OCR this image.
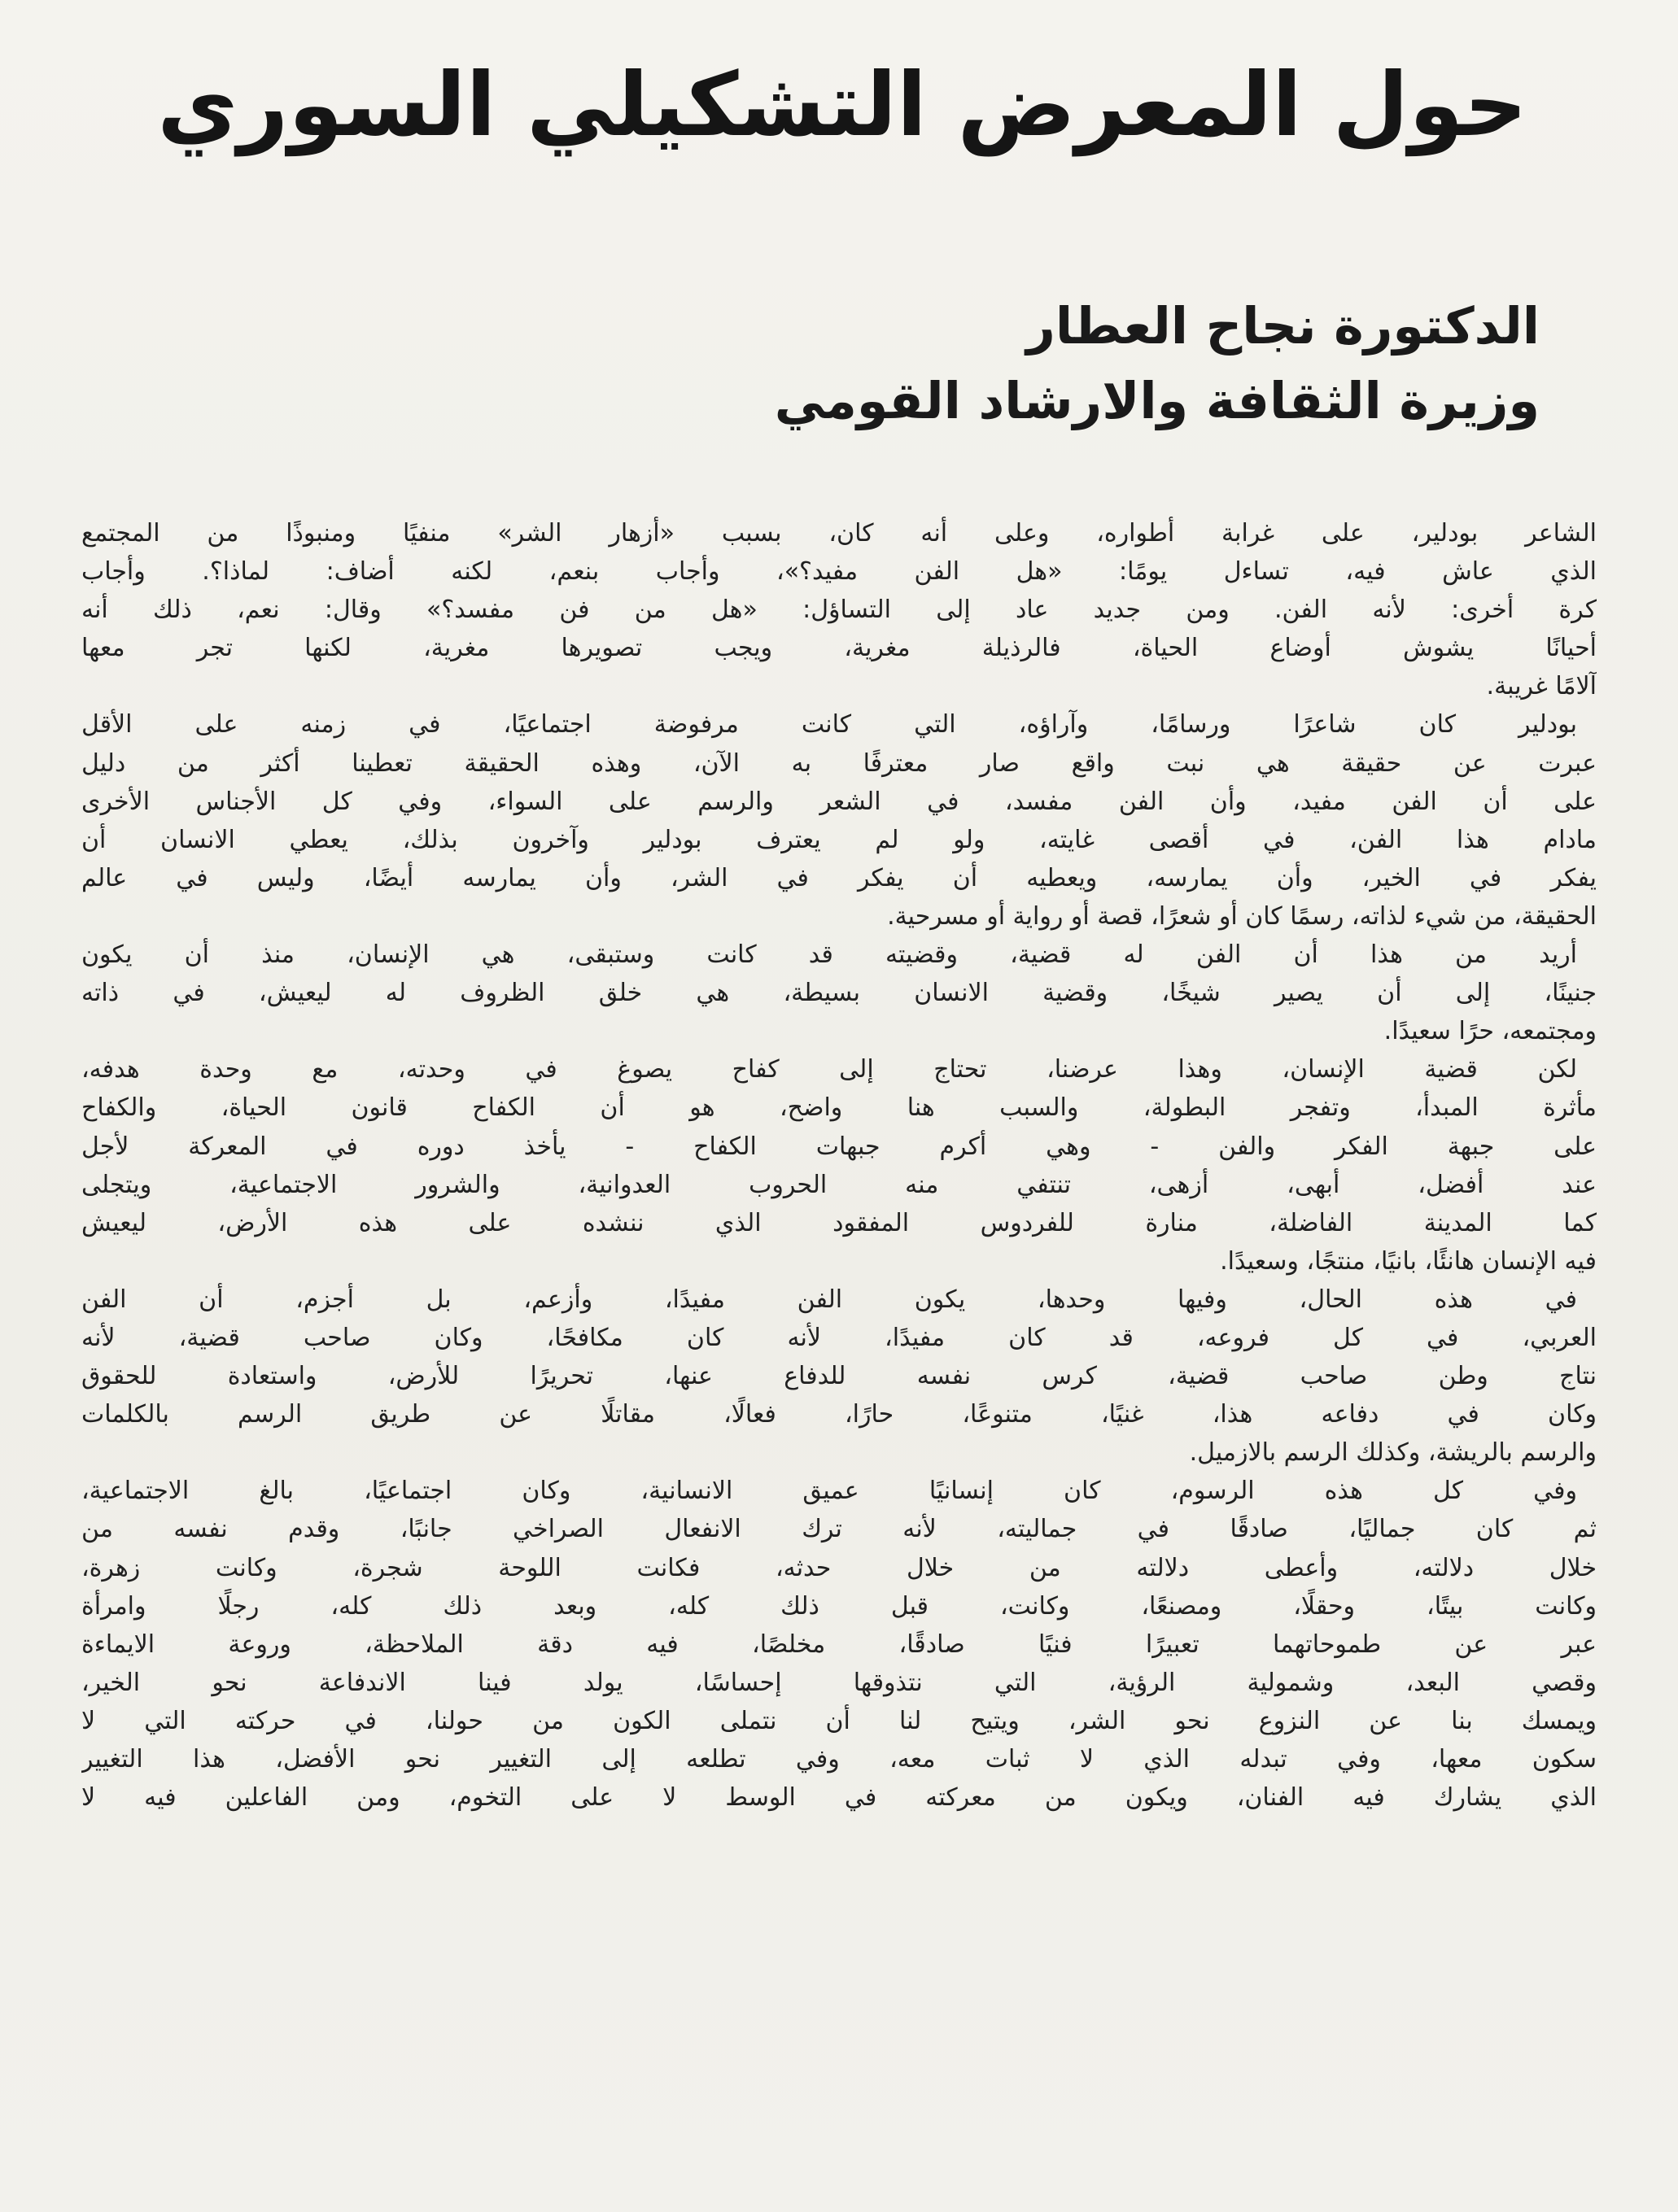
حول المعرض التشكيلي السوري
الدكتورة نجاح العطار
وزيرة الثقافة والارشاد القومي
الشاعر بودلير، على غرابة أطواره، وعلى أنه كان، بسبب «أزهار الشر» منفيًا ومنبوذًا من المجتمع
الذي عاش فيه، تساءل يومًا: «هل الفن مفيد؟»، وأجاب بنعم، لكنه أضاف: لماذا؟. وأجاب
كرة أخرى: لأنه الفن. ومن جديد عاد إلى التساؤل: «هل من فن مفسد؟» وقال: نعم، ذلك أنه
أحيانًا يشوش أوضاع الحياة، فالرذيلة مغرية، ويجب تصويرها مغرية، لكنها تجر معها
آلامًا غريبة.
بودلير كان شاعرًا ورسامًا، وآراؤه، التي كانت مرفوضة اجتماعيًا، في زمنه على الأقل
عبرت عن حقيقة هي نبت واقع صار معترفًا به الآن، وهذه الحقيقة تعطينا أكثر من دليل
على أن الفن مفيد، وأن الفن مفسد، في الشعر والرسم على السواء، وفي كل الأجناس الأخرى
مادام هذا الفن، في أقصى غايته، ولو لم يعترف بودلير وآخرون بذلك، يعطي الانسان أن
يفكر في الخير، وأن يمارسه، ويعطيه أن يفكر في الشر، وأن يمارسه أيضًا، وليس في عالم
الحقيقة، من شيء لذاته، رسمًا كان أو شعرًا، قصة أو رواية أو مسرحية.
أريد من هذا أن الفن له قضية، وقضيته قد كانت وستبقى، هي الإنسان، منذ أن يكون
جنينًا، إلى أن يصير شيخًا، وقضية الانسان بسيطة، هي خلق الظروف له ليعيش، في ذاته
ومجتمعه، حرًا سعيدًا.
لكن قضية الإنسان، وهذا عرضنا، تحتاج إلى كفاح يصوغ في وحدته، مع وحدة هدفه،
مأثرة المبدأ، وتفجر البطولة، والسبب هنا واضح، هو أن الكفاح قانون الحياة، والكفاح
على جبهة الفكر والفن - وهي أكرم جبهات الكفاح - يأخذ دوره في المعركة لأجل
عند أفضل، أبهى، أزهى، تنتفي منه الحروب العدوانية، والشرور الاجتماعية، ويتجلى
كما المدينة الفاضلة، منارة للفردوس المفقود الذي ننشده على هذه الأرض، ليعيش
فيه الإنسان هانئًا، بانيًا، منتجًا، وسعيدًا.
في هذه الحال، وفيها وحدها، يكون الفن مفيدًا، وأزعم، بل أجزم، أن الفن
العربي، في كل فروعه، قد كان مفيدًا، لأنه كان مكافحًا، وكان صاحب قضية، لأنه
نتاج وطن صاحب قضية، كرس نفسه للدفاع عنها، تحريرًا للأرض، واستعادة للحقوق
وكان في دفاعه هذا، غنيًا، متنوعًا، حارًا، فعالًا، مقاتلًا عن طريق الرسم بالكلمات
والرسم بالريشة، وكذلك الرسم بالازميل.
وفي كل هذه الرسوم، كان إنسانيًا عميق الانسانية، وكان اجتماعيًا، بالغ الاجتماعية،
ثم كان جماليًا، صادقًا في جماليته، لأنه ترك الانفعال الصراخي جانبًا، وقدم نفسه من
خلال دلالته، وأعطى دلالته من خلال حدثه، فكانت اللوحة شجرة، وكانت زهرة،
وكانت بيتًا، وحقلًا، ومصنعًا، وكانت، قبل ذلك كله، وبعد ذلك كله، رجلًا وامرأة
عبر عن طموحاتهما تعبيرًا فنيًا صادقًا، مخلصًا، فيه دقة الملاحظة، وروعة الايماءة
وقصي البعد، وشمولية الرؤية، التي نتذوقها إحساسًا، يولد فينا الاندفاعة نحو الخير،
ويمسك بنا عن النزوع نحو الشر، ويتيح لنا أن نتملى الكون من حولنا، في حركته التي لا
سكون معها، وفي تبدله الذي لا ثبات معه، وفي تطلعه إلى التغيير نحو الأفضل، هذا التغيير
الذي يشارك فيه الفنان، ويكون من معركته في الوسط لا على التخوم، ومن الفاعلين فيه لا
